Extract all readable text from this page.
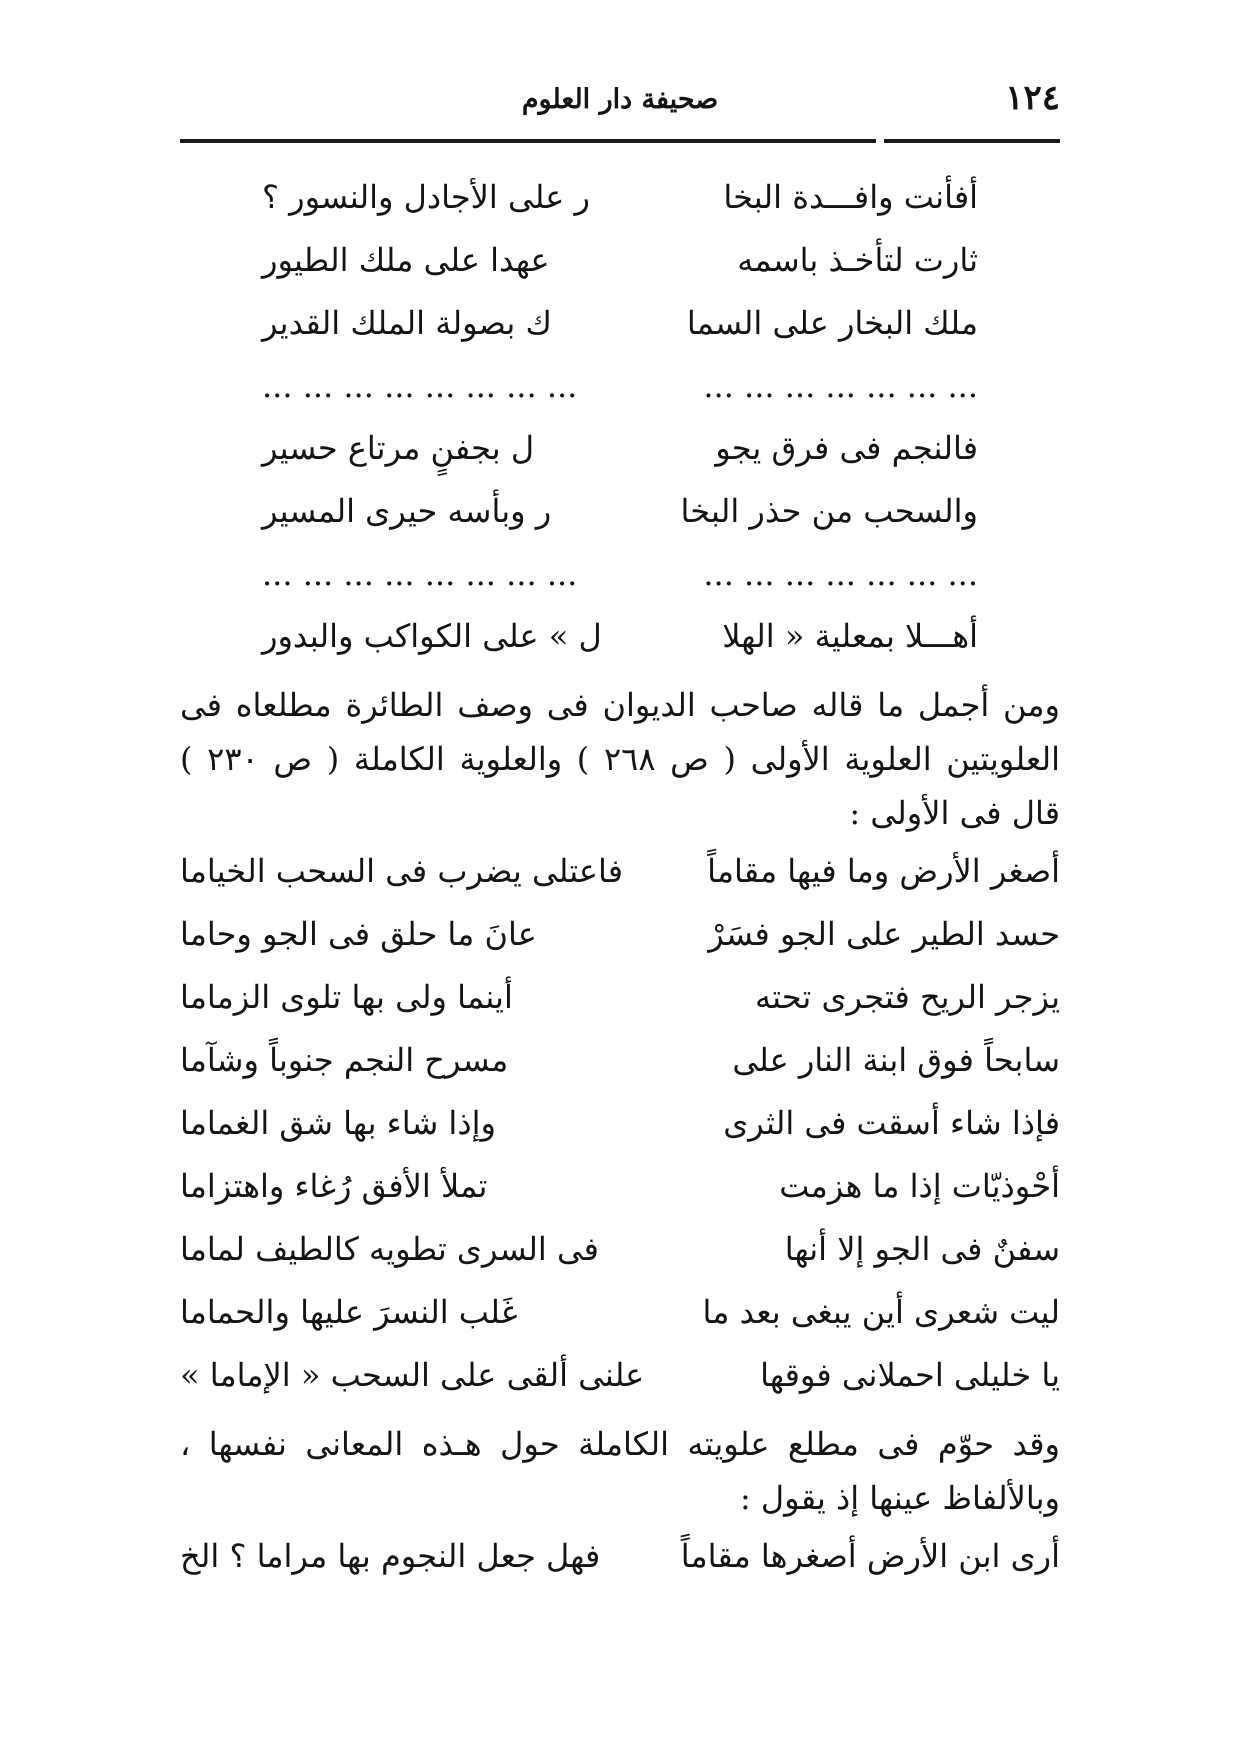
١٢٤
صحيفة دار العلوم
أفأنت وافـــدة البخا
ر على الأجادل والنسور ؟
ثارت لتأخـذ باسمه
عهدا على ملك الطيور
ملك البخار على السما
ك بصولة الملك القدير
... ... ... ... ... ... ...
... ... ... ... ... ... ... ...
فالنجم فى فرق يجو
ل بجفنٍ مرتاع حسير
والسحب من حذر البخا
ر وبأسه حيرى المسير
... ... ... ... ... ... ...
... ... ... ... ... ... ... ...
أهـــلا بمعلية « الهلا
ل » على الكواكب والبدور

ومن أجمل ما قاله صاحب الديوان فى وصف الطائرة مطلعاه فى العلويتين العلوية الأولى ( ص ٢٦٨ ) والعلوية الكاملة ( ص ٢٣٠ ) قال فى الأولى :

أصغر الأرض وما فيها مقاماً
فاعتلى يضرب فى السحب الخياما
حسد الطير على الجو فسَرْ
عانَ ما حلق فى الجو وحاما
يزجر الريح فتجرى تحته
أينما ولى بها تلوى الزماما
سابحاً فوق ابنة النار على
مسرح النجم جنوباً وشآما
فإذا شاء أسقت فى الثرى
وإذا شاء بها شق الغماما
أحْوذيّات إذا ما هزمت
تملأ الأفق رُغاء واهتزاما
سفنٌ فى الجو إلا أنها
فى السرى تطويه كالطيف لماما
ليت شعرى أين يبغى بعد ما
غَلب النسرَ عليها والحماما
يا خليلى احملانى فوقها
علنى ألقى على السحب « الإماما »

وقد حوّم فى مطلع علويته الكاملة حول هـذه المعانى نفسها ، وبالألفاظ عينها إذ يقول :

أرى ابن الأرض أصغرها مقاماً
فهل جعل النجوم بها مراما ؟ الخ
